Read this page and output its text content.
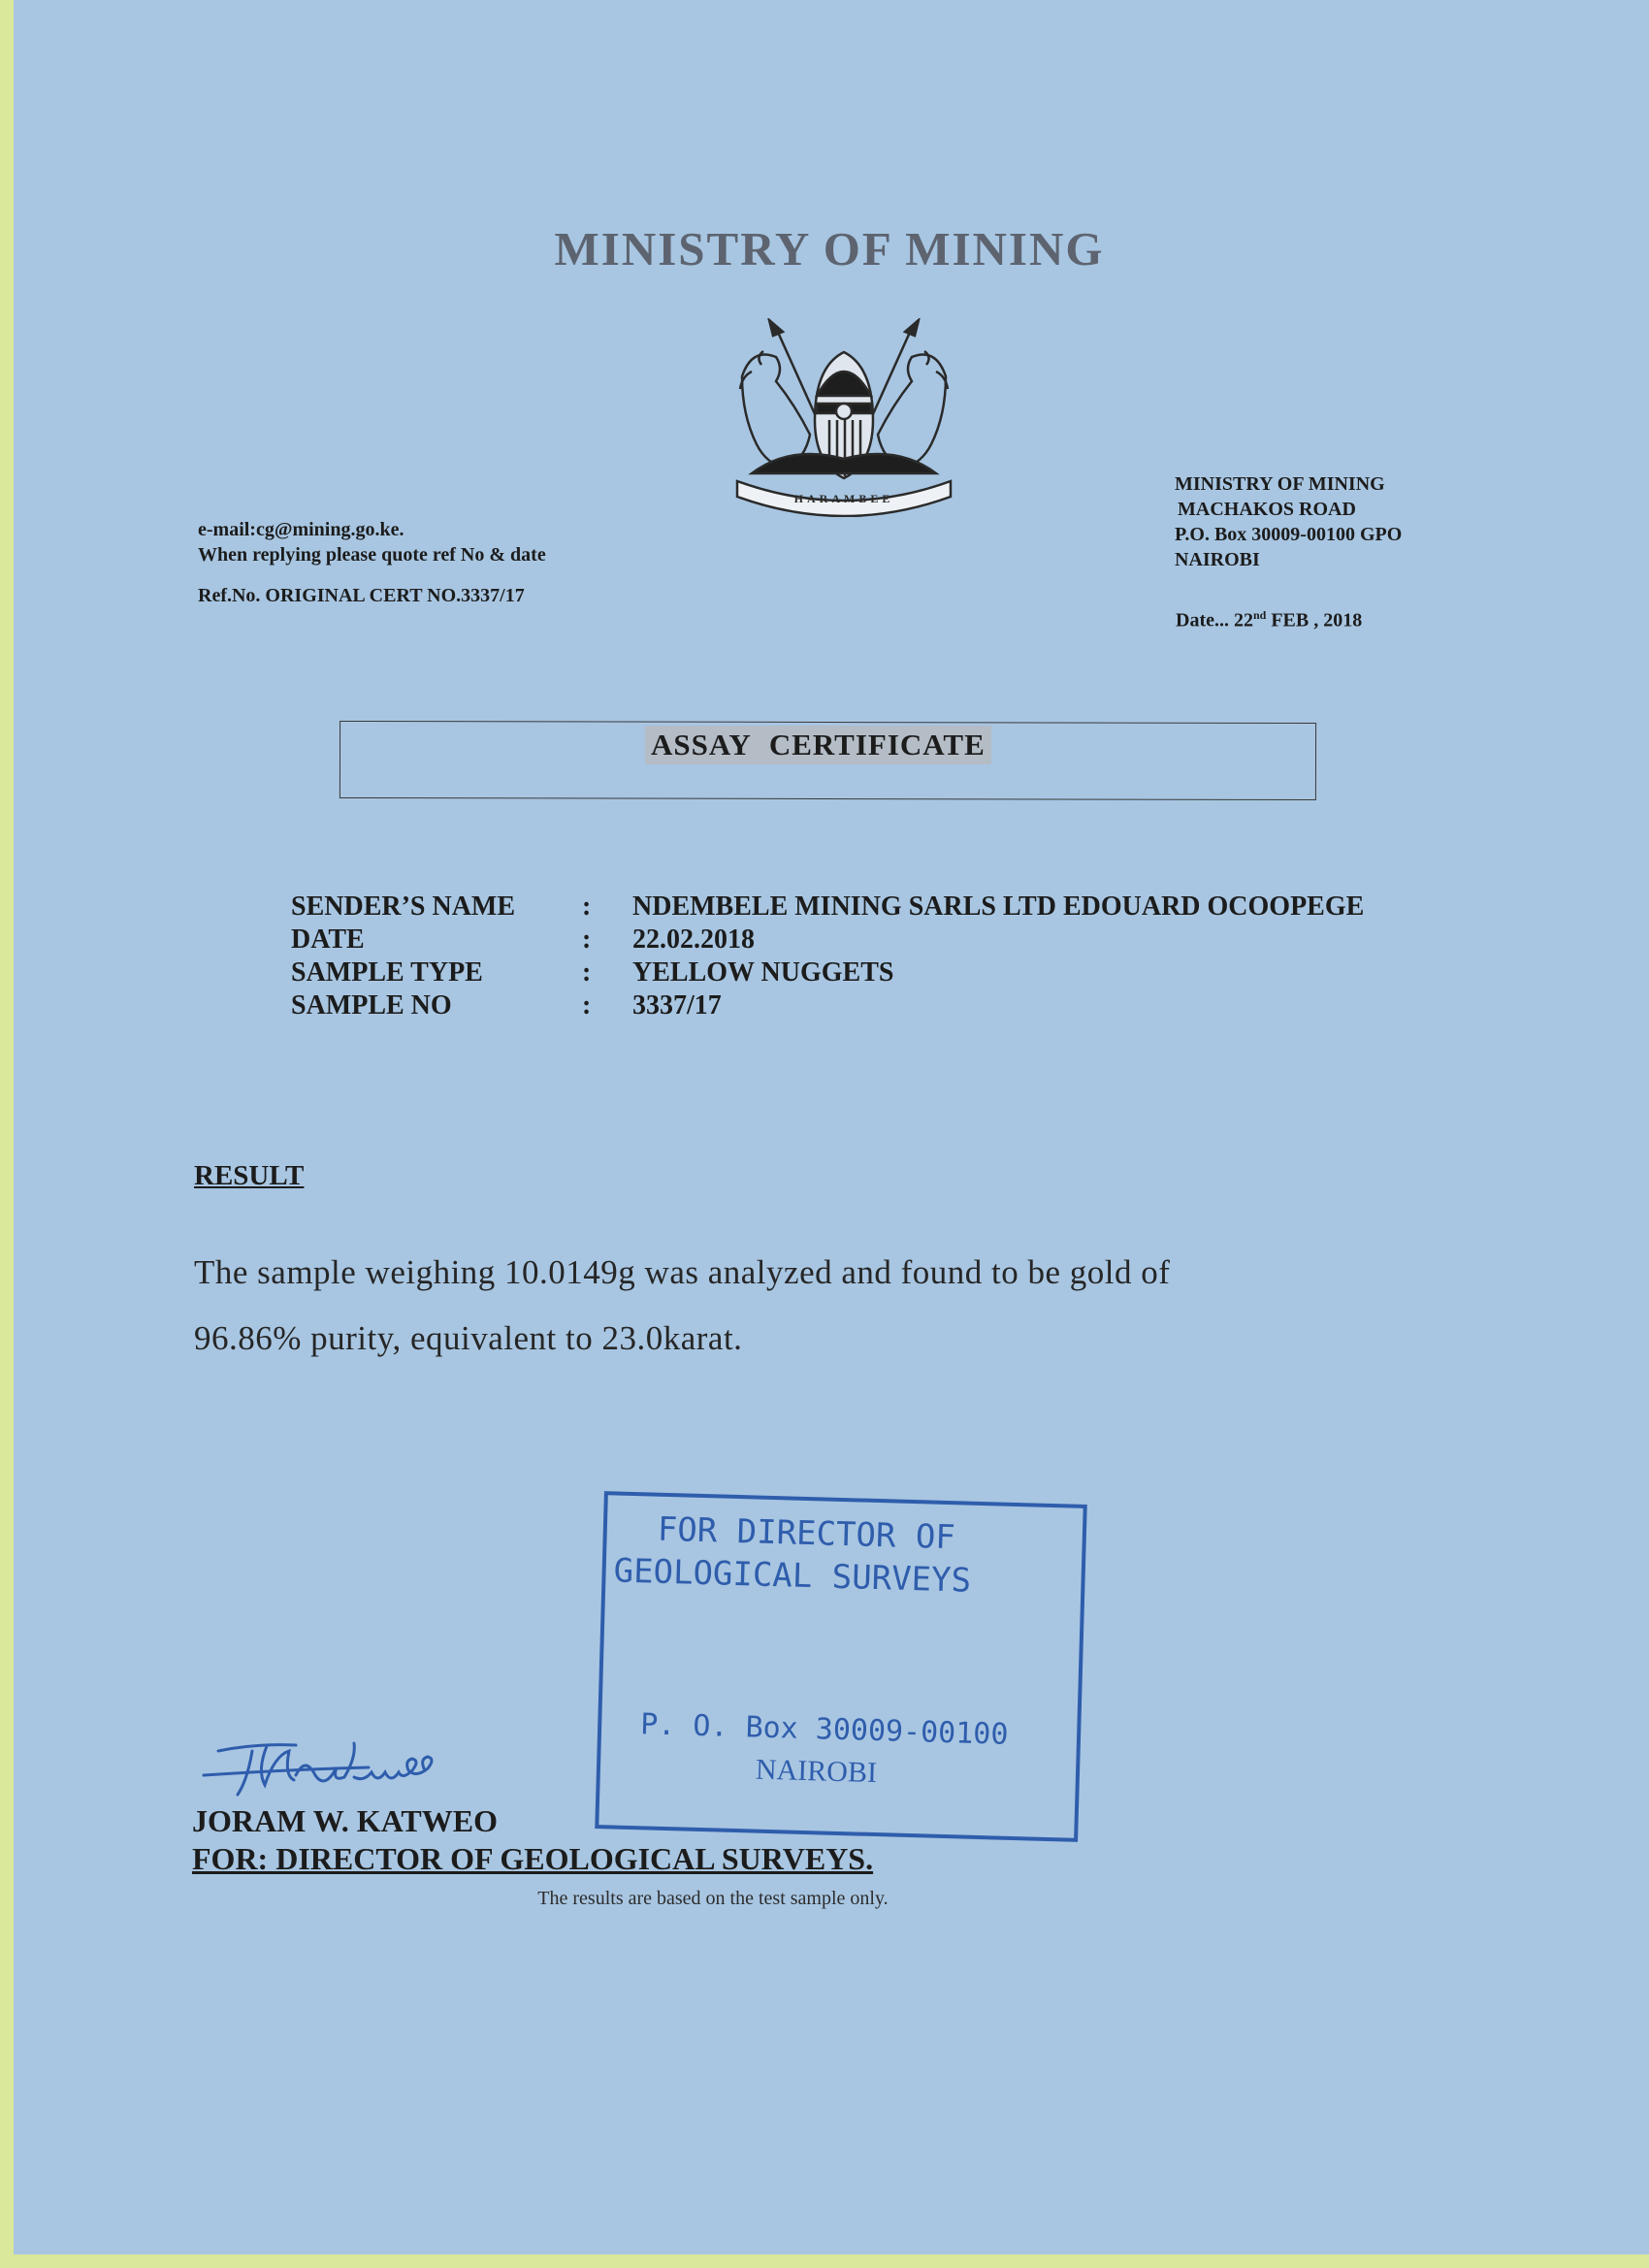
MINISTRY OF MINING
HARAMBEE
e-mail:cg@mining.go.ke.
When replying please quote ref No & date
Ref.No. ORIGINAL CERT NO.3337/17
MINISTRY OF MINING
MACHAKOS ROAD
P.O. Box 30009-00100 GPO
NAIROBI
Date... 22nd FEB , 2018
ASSAY CERTIFICATE
SENDER’S NAME : NDEMBELE MINING SARLS LTD EDOUARD OCOOPEGE
DATE	: 22.02.2018
SAMPLE TYPE	: YELLOW NUGGETS
SAMPLE NO	: 3337/17
RESULT
The sample weighing 10.0149g was analyzed and found to be gold of
96.86% purity, equivalent to 23.0karat.
FOR DIRECTOR OF
GEOLOGICAL SURVEYS
P. O. Box 30009-00100
NAIROBI
JORAM W. KATWEO
FOR: DIRECTOR OF GEOLOGICAL SURVEYS.
The results are based on the test sample only.
